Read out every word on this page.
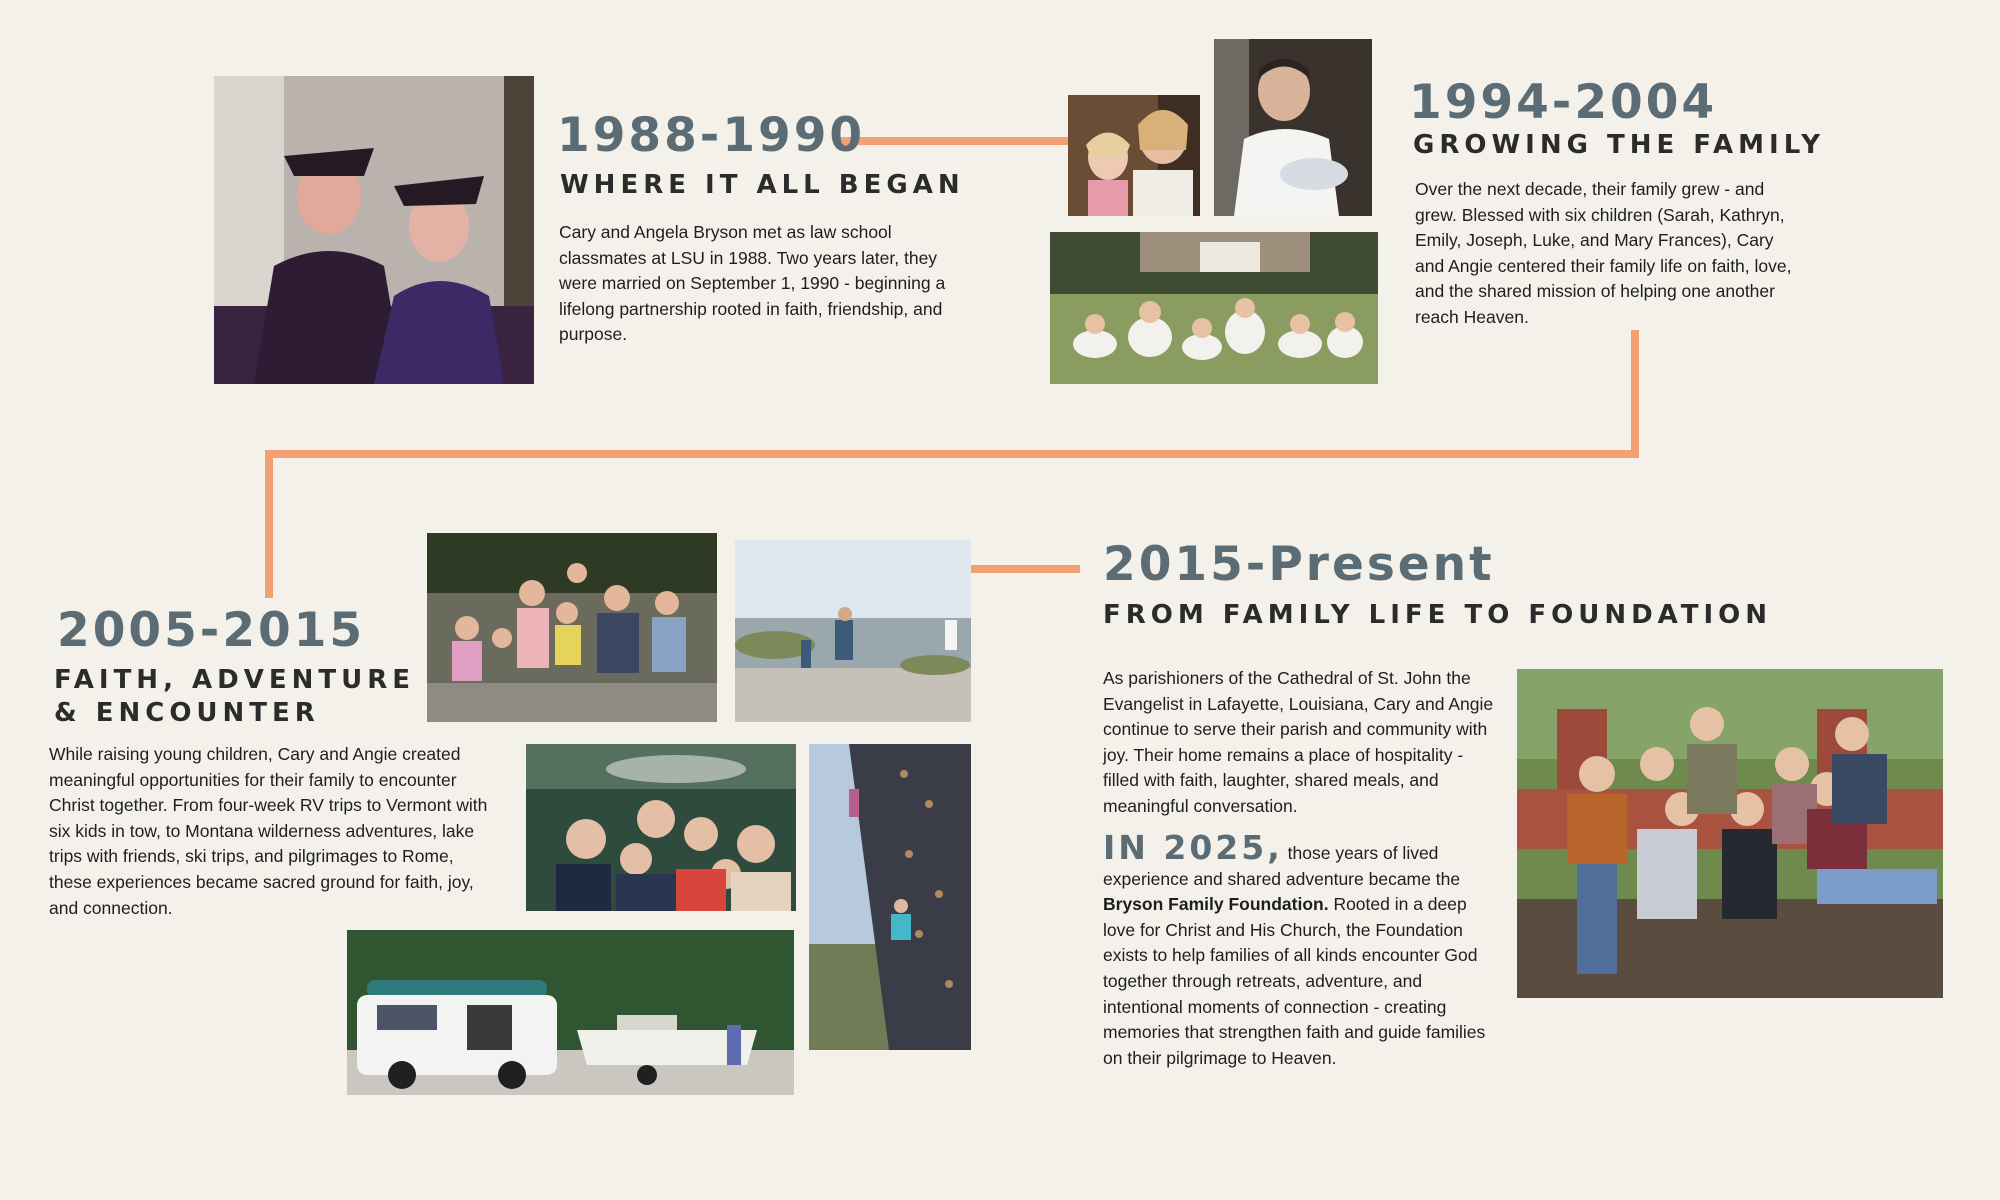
1988-1990
WHERE IT ALL BEGAN
Cary and Angela Bryson met as law school classmates at LSU in 1988. Two years later, they were married on September 1, 1990 - beginning a lifelong partnership rooted in faith, friendship, and purpose.
1994-2004
GROWING THE FAMILY
Over the next decade, their family grew - and grew. Blessed with six children (Sarah, Kathryn, Emily, Joseph, Luke, and Mary Frances), Cary and Angie centered their family life on faith, love, and the shared mission of helping one another reach Heaven.
2005-2015
FAITH, ADVENTURE
& ENCOUNTER
While raising young children, Cary and Angie created meaningful opportunities for their family to encounter Christ together. From four-week RV trips to Vermont with six kids in tow, to Montana wilderness adventures, lake trips with friends, ski trips, and pilgrimages to Rome, these experiences became sacred ground for faith, joy, and connection.
2015-Present
FROM FAMILY LIFE TO FOUNDATION
As parishioners of the Cathedral of St. John the Evangelist in Lafayette, Louisiana, Cary and Angie continue to serve their parish and community with joy. Their home remains a place of hospitality - filled with faith, laughter, shared meals, and meaningful conversation.
IN 2025, those years of lived experience and shared adventure became the Bryson Family Foundation. Rooted in a deep love for Christ and His Church, the Foundation exists to help families of all kinds encounter God together through retreats, adventure, and intentional moments of connection - creating memories that strengthen faith and guide families on their pilgrimage to Heaven.
